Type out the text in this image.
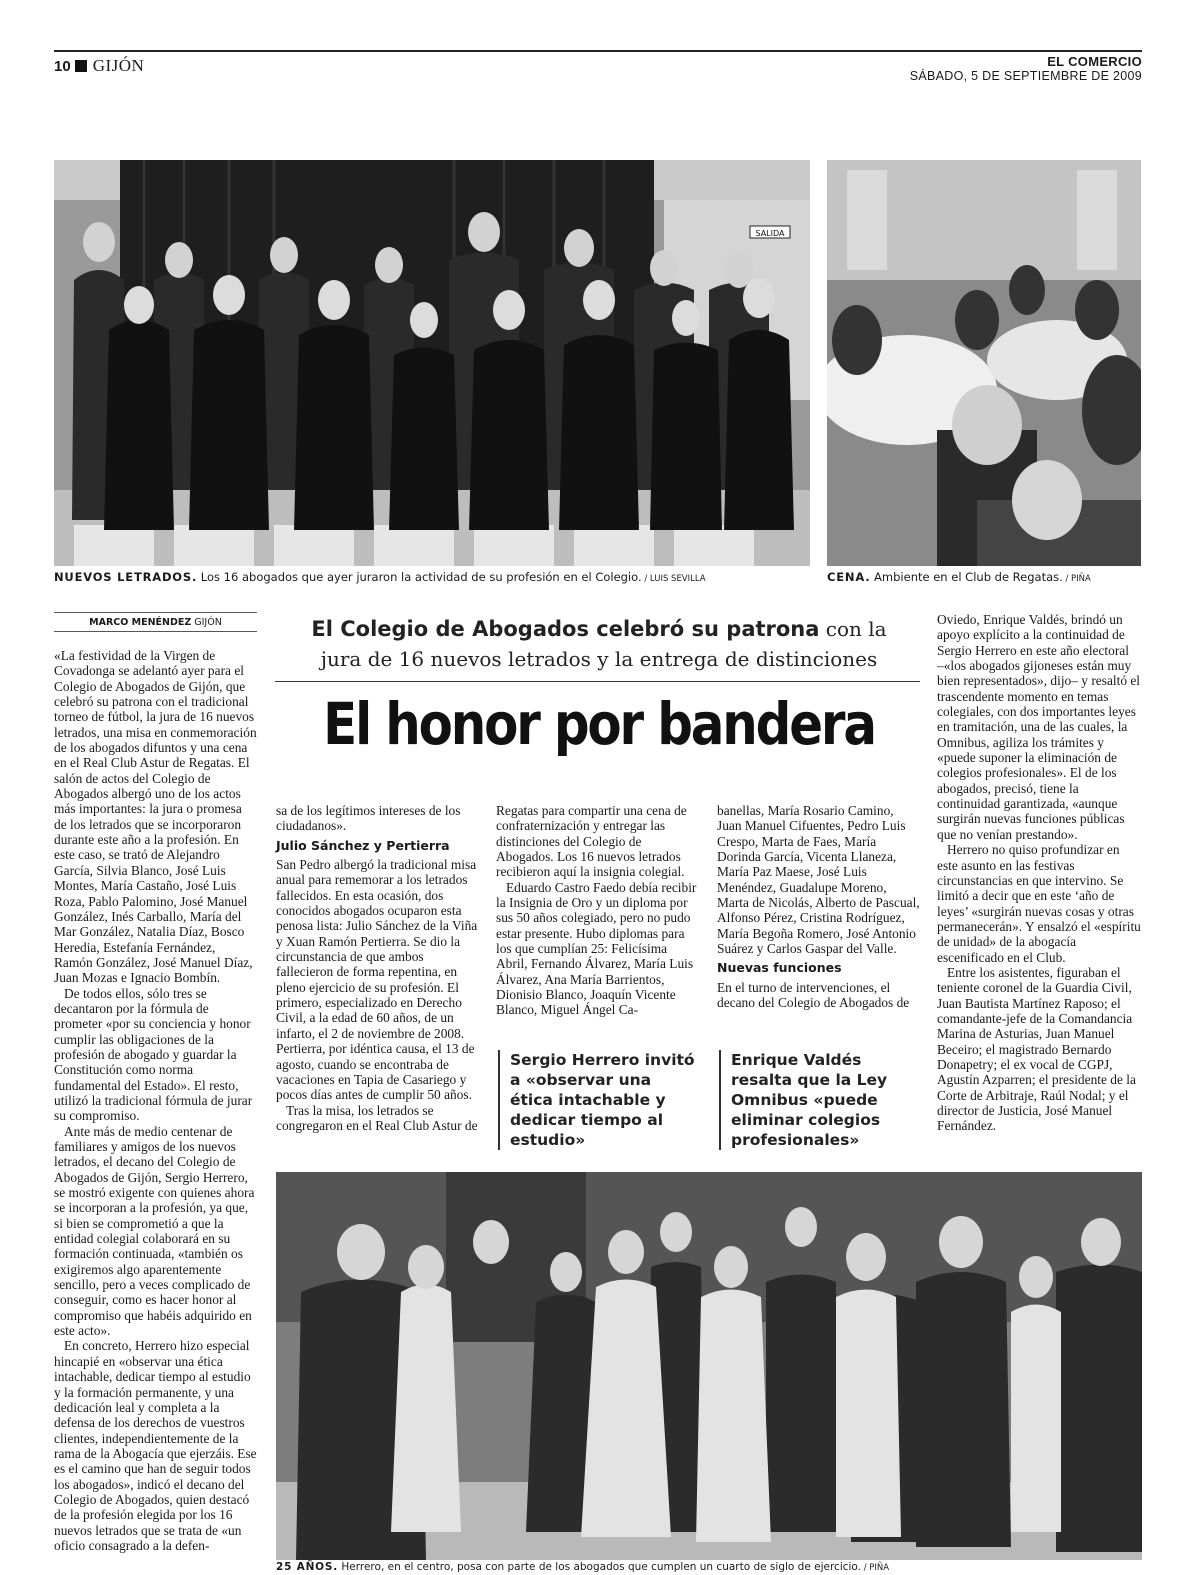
10 GIJÓN	EL COMERCIO
SÁBADO, 5 DE SEPTIEMBRE DE 2009
SALIDA
NUEVOS LETRADOS. Los 16 abogados que ayer juraron la actividad de su profesión en el Colegio. / LUIS SEVILLA	CENA. Ambiente en el Club de Regatas. / PIÑA
MARCO MENÉNDEZ GIJÓN	El Colegio de Abogados celebró su patrona con la
jura de 16 nuevos letrados y la entrega de distinciones
El honor por bandera

«La festividad de la Virgen de Covadonga se adelantó ayer para el Colegio de Abogados de Gijón, que celebró su patrona con el tradicional torneo de fútbol, la jura de 16 nuevos letrados, una misa en conmemoración de los abogados difuntos y una cena en el Real Club Astur de Regatas. El salón de actos del Colegio de Abogados albergó uno de los actos más importantes: la jura o promesa de los letrados que se incorporaron durante este año a la profesión. En este caso, se trató de Alejandro García, Silvia Blanco, José Luis Montes, María Castaño, José Luis Roza, Pablo Palomino, José Manuel González, Inés Carballo, María del Mar González, Natalia Díaz, Bosco Heredia, Estefanía Fernández, Ramón González, José Manuel Díaz, Juan Mozas e Ignacio Bombín.

De todos ellos, sólo tres se decantaron por la fórmula de prometer «por su conciencia y honor cumplir las obligaciones de la profesión de abogado y guardar la Constitución como norma fundamental del Estado». El resto, utilizó la tradicional fórmula de jurar su compromiso.

Ante más de medio centenar de familiares y amigos de los nuevos letrados, el decano del Colegio de Abogados de Gijón, Sergio Herrero, se mostró exigente con quienes ahora se incorporan a la profesión, ya que, si bien se comprometió a que la entidad colegial colaborará en su formación continuada, «también os exigiremos algo aparentemente sencillo, pero a veces complicado de conseguir, como es hacer honor al compromiso que habéis adquirido en este acto».

En concreto, Herrero hizo especial hincapié en «observar una ética intachable, dedicar tiempo al estudio y la formación permanente, y una dedicación leal y completa a la defensa de los derechos de vuestros clientes, independientemente de la rama de la Abogacía que ejerzáis. Ese es el camino que han de seguir todos los abogados», indicó el decano del Colegio de Abogados, quien destacó de la profesión elegida por los 16 nuevos letrados que se trata de «un oficio consagrado a la defen-

sa de los legítimos intereses de los ciudadanos».

Julio Sánchez y Pertierra

San Pedro albergó la tradicional misa anual para rememorar a los letrados fallecidos. En esta ocasión, dos conocidos abogados ocuparon esta penosa lista: Julio Sánchez de la Viña y Xuan Ramón Pertierra. Se dio la circunstancia de que ambos fallecieron de forma repentina, en pleno ejercicio de su profesión. El primero, especializado en Derecho Civil, a la edad de 60 años, de un infarto, el 2 de noviembre de 2008. Pertierra, por idéntica causa, el 13 de agosto, cuando se encontraba de vacaciones en Tapia de Casariego y pocos días antes de cumplir 50 años.

Tras la misa, los letrados se congregaron en el Real Club Astur de

Regatas para compartir una cena de confraternización y entregar las distinciones del Colegio de Abogados. Los 16 nuevos letrados recibieron aquí la insignia colegial.

Eduardo Castro Faedo debía recibir la Insignia de Oro y un diploma por sus 50 años colegiado, pero no pudo estar presente. Hubo diplomas para los que cumplían 25: Felicísima Abril, Fernando Álvarez, María Luis Álvarez, Ana María Barrientos, Dionisio Blanco, Joaquín Vicente Blanco, Miguel Ángel Ca-

banellas, María Rosario Camino, Juan Manuel Cifuentes, Pedro Luis Crespo, Marta de Faes, María Dorinda García, Vicenta Llaneza, María Paz Maese, José Luis Menéndez, Guadalupe Moreno, Marta de Nicolás, Alberto de Pascual, Alfonso Pérez, Cristina Rodríguez, María Begoña Romero, José Antonio Suárez y Carlos Gaspar del Valle.

Nuevas funciones

En el turno de intervenciones, el decano del Colegio de Abogados de

Sergio Herrero invitó a «observar una ética intachable y dedicar tiempo al estudio»
Enrique Valdés resalta que la Ley Omnibus «puede eliminar colegios profesionales»

Oviedo, Enrique Valdés, brindó un apoyo explícito a la continuidad de Sergio Herrero en este año electoral –«los abogados gijoneses están muy bien representados», dijo– y resaltó el trascendente momento en temas colegiales, con dos importantes leyes en tramitación, una de las cuales, la Omnibus, agiliza los trámites y «puede suponer la eliminación de colegios profesionales». El de los abogados, precisó, tiene la continuidad garantizada, «aunque surgirán nuevas funciones públicas que no venían prestando».

Herrero no quiso profundizar en este asunto en las festivas circunstancias en que intervino. Se limitó a decir que en este ‘año de leyes’ «surgirán nuevas cosas y otras permanecerán». Y ensalzó el «espíritu de unidad» de la abogacía escenificado en el Club.

Entre los asistentes, figuraban el teniente coronel de la Guardia Civil, Juan Bautista Martínez Raposo; el comandante-jefe de la Comandancia Marina de Asturias, Juan Manuel Beceiro; el magistrado Bernardo Donapetry; el ex vocal de CGPJ, Agustín Azparren; el presidente de la Corte de Arbitraje, Raúl Nodal; y el director de Justicia, José Manuel Fernández.

25 AÑOS. Herrero, en el centro, posa con parte de los abogados que cumplen un cuarto de siglo de ejercicio. / PIÑA
